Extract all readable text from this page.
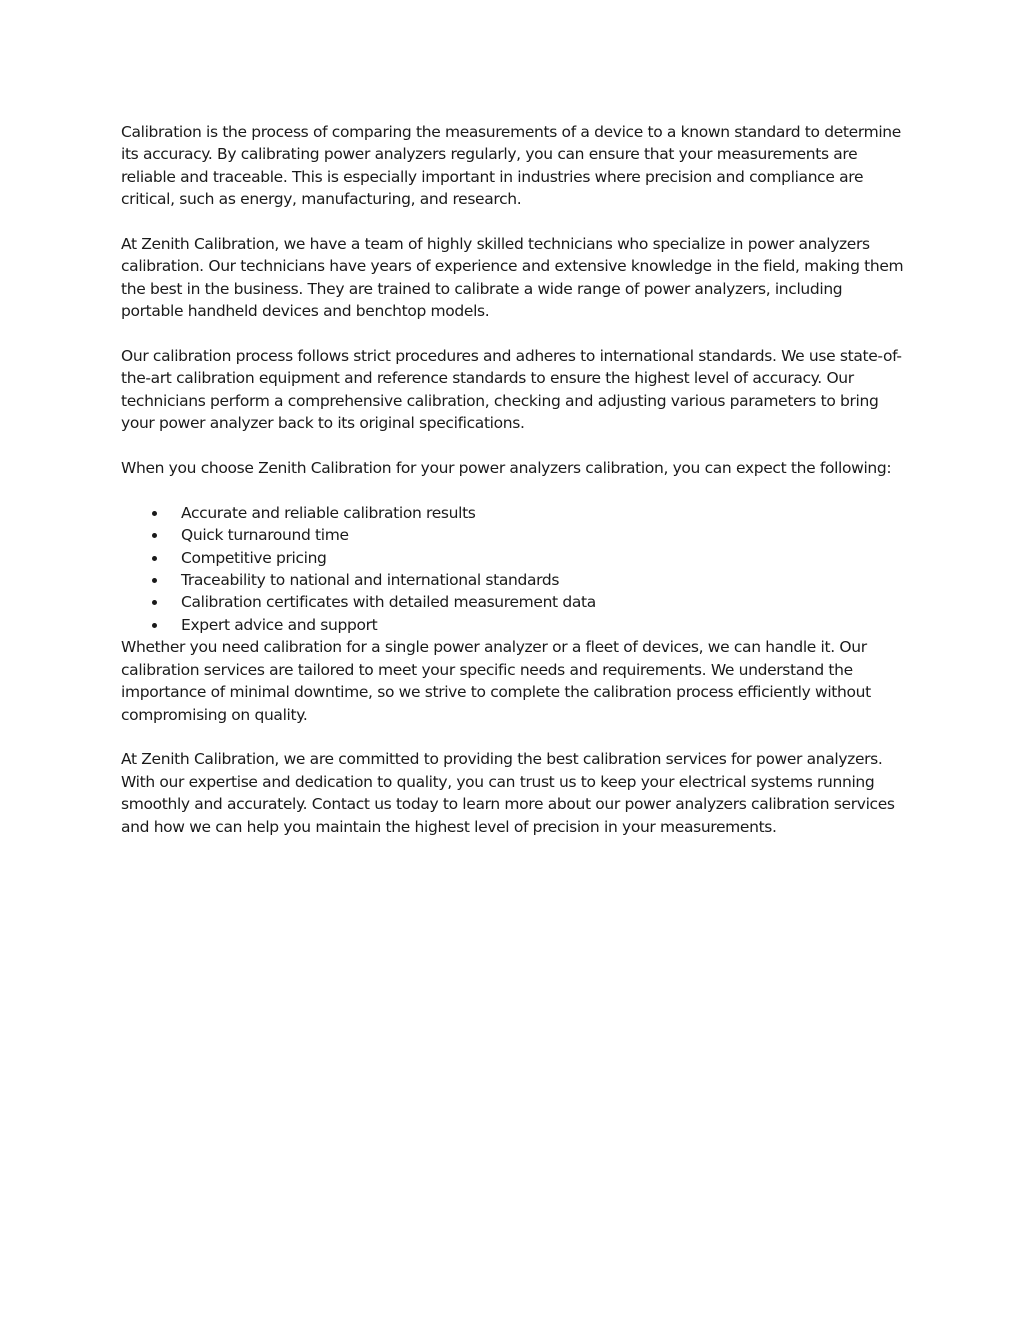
Calibration is the process of comparing the measurements of a device to a known standard to determine its accuracy. By calibrating power analyzers regularly, you can ensure that your measurements are reliable and traceable. This is especially important in industries where precision and compliance are critical, such as energy, manufacturing, and research.

At Zenith Calibration, we have a team of highly skilled technicians who specialize in power analyzers calibration. Our technicians have years of experience and extensive knowledge in the field, making them the best in the business. They are trained to calibrate a wide range of power analyzers, including portable handheld devices and benchtop models.

Our calibration process follows strict procedures and adheres to international standards. We use state-of-the-art calibration equipment and reference standards to ensure the highest level of accuracy. Our technicians perform a comprehensive calibration, checking and adjusting various parameters to bring your power analyzer back to its original specifications.

When you choose Zenith Calibration for your power analyzers calibration, you can expect the following:

Accurate and reliable calibration results
Quick turnaround time
Competitive pricing
Traceability to national and international standards
Calibration certificates with detailed measurement data
Expert advice and support

Whether you need calibration for a single power analyzer or a fleet of devices, we can handle it. Our calibration services are tailored to meet your specific needs and requirements. We understand the importance of minimal downtime, so we strive to complete the calibration process efficiently without compromising on quality.

At Zenith Calibration, we are committed to providing the best calibration services for power analyzers. With our expertise and dedication to quality, you can trust us to keep your electrical systems running smoothly and accurately. Contact us today to learn more about our power analyzers calibration services and how we can help you maintain the highest level of precision in your measurements.
